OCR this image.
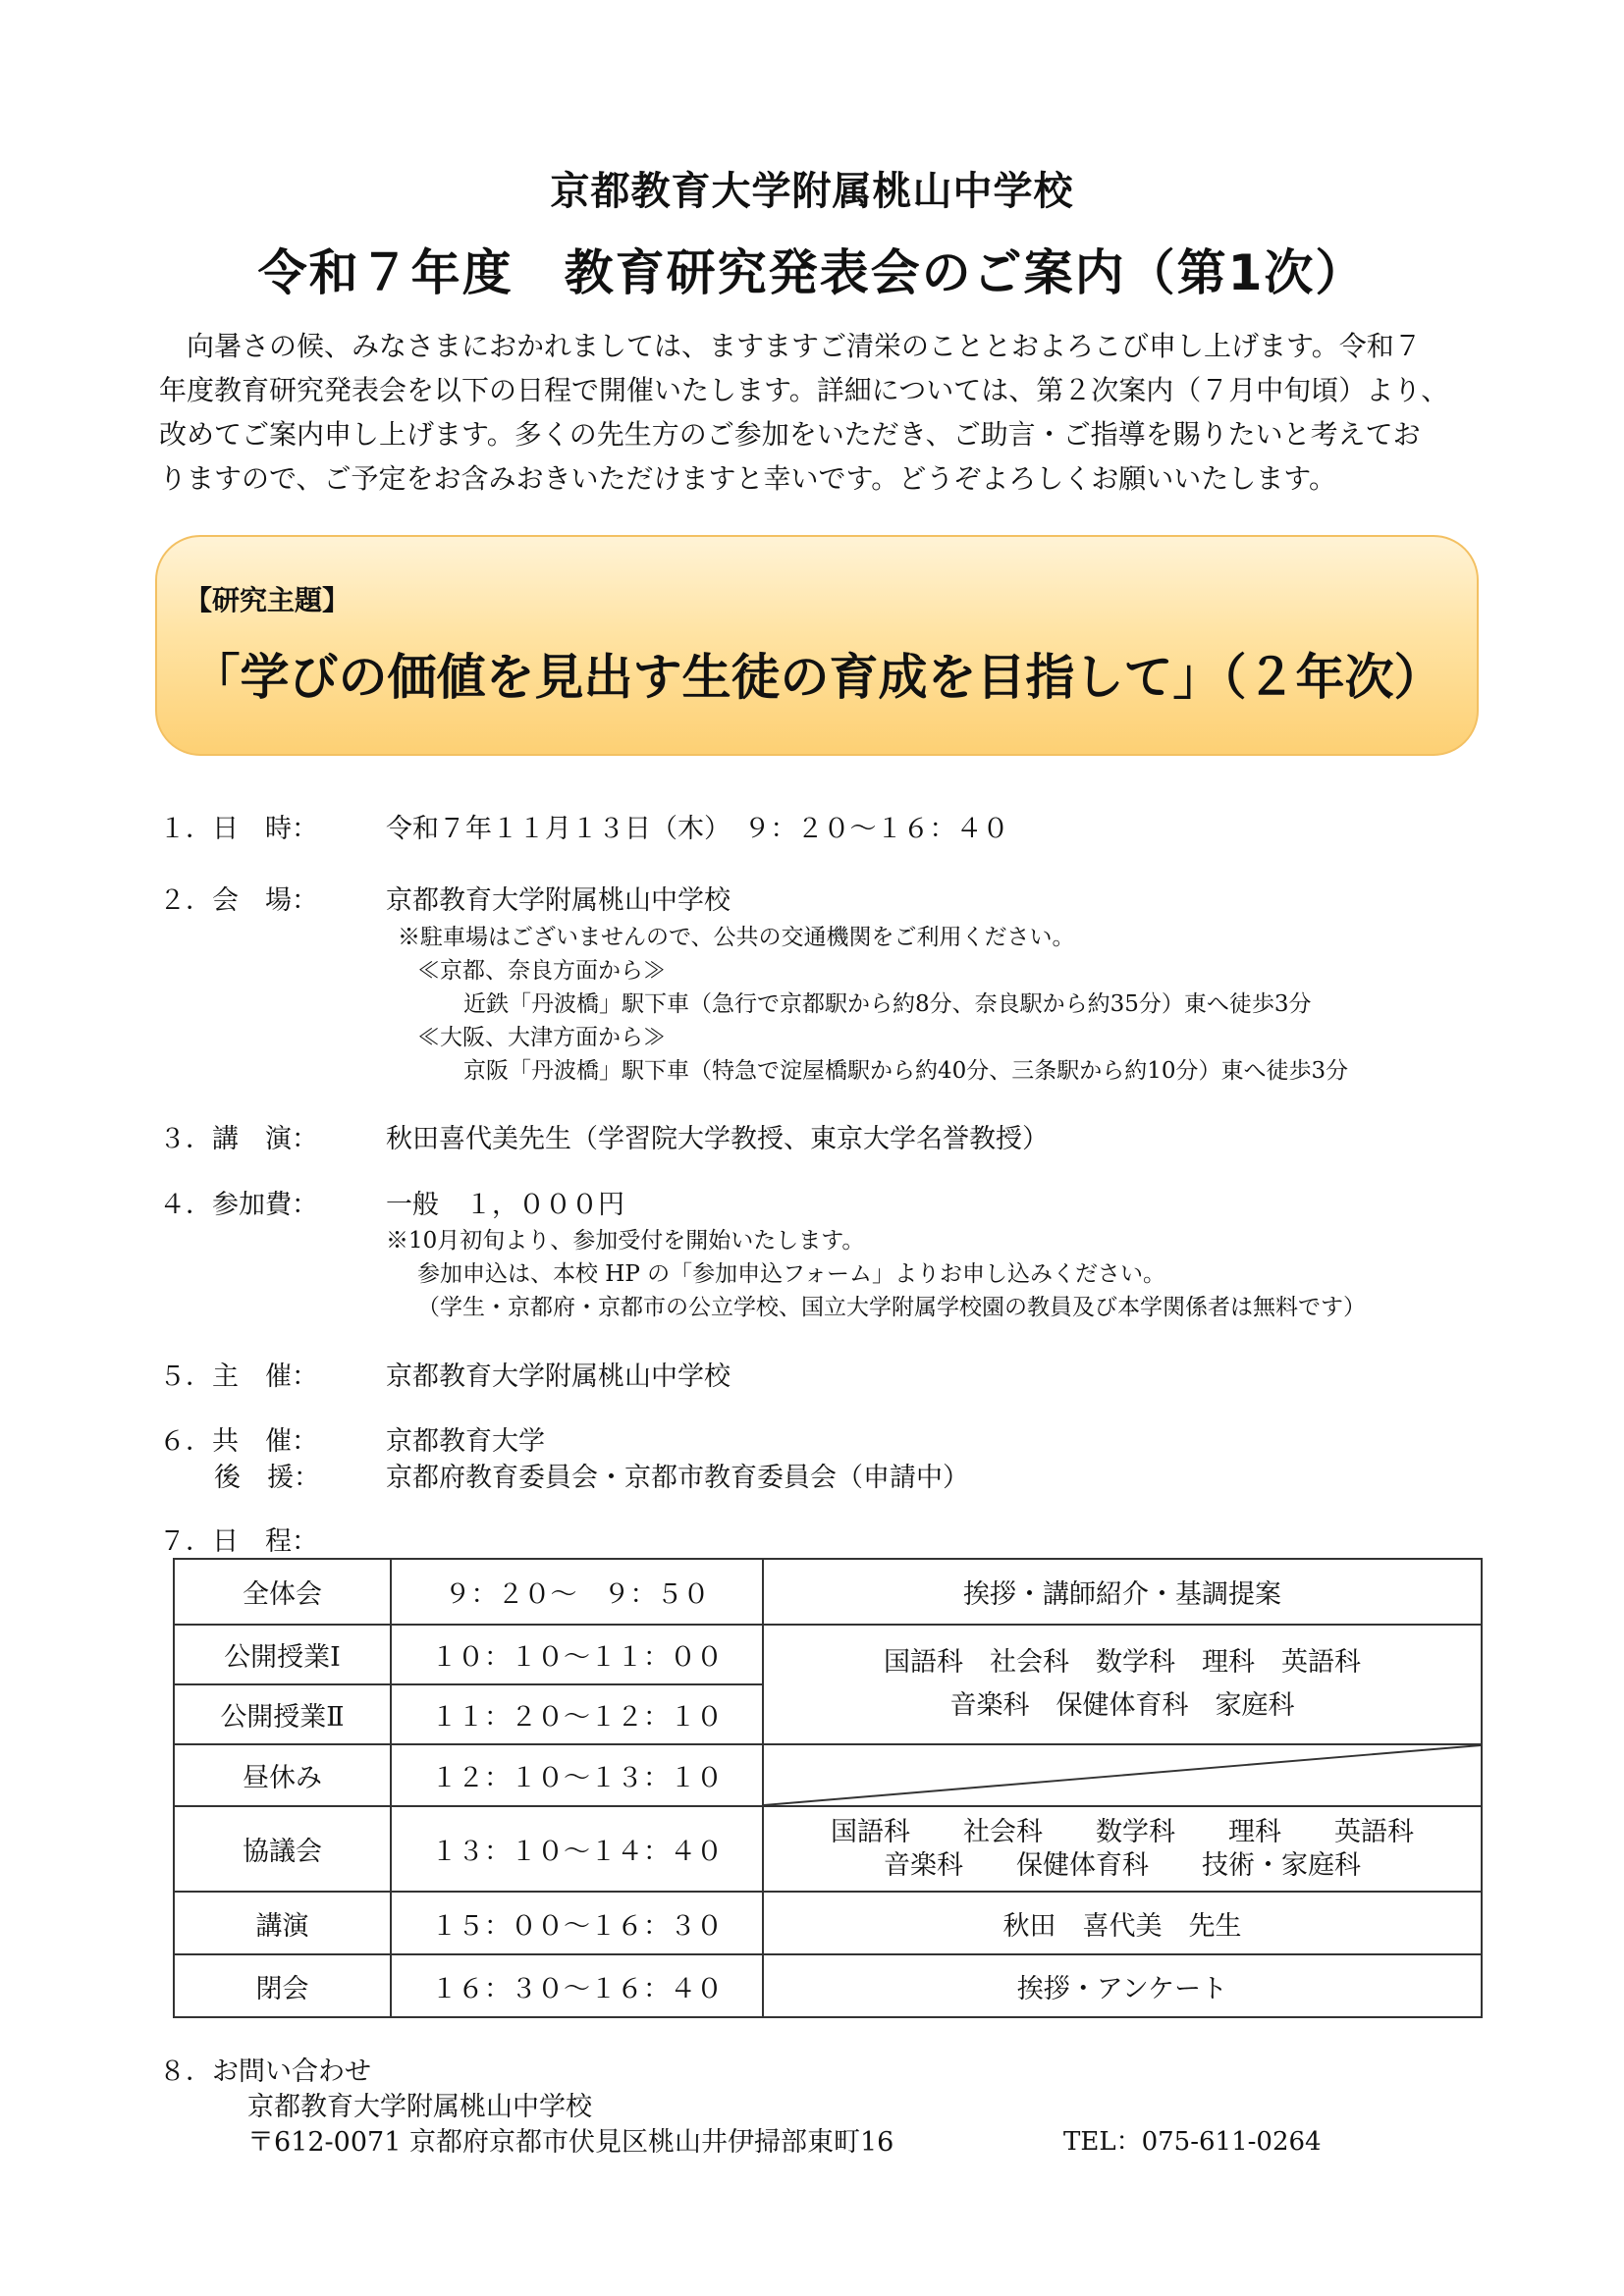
京都教育大学附属桃山中学校
令和７年度　教育研究発表会のご案内（第1次）
　向暑さの候、みなさまにおかれましては、ますますご清栄のこととおよろこび申し上げます。令和７
年度教育研究発表会を以下の日程で開催いたします。詳細については、第２次案内（７月中旬頃）より、
改めてご案内申し上げます。多くの先生方のご参加をいただき、ご助言・ご指導を賜りたいと考えてお
りますので、ご予定をお含みおきいただけますと幸いです。どうぞよろしくお願いいたします。
【研究主題】
「学びの価値を見出す生徒の育成を目指して」（２年次）
１．日　時：	令和７年１１月１３日（木）　９：２０～１６：４０
２．会　場：	京都教育大学附属桃山中学校
※駐車場はございませんので、公共の交通機関をご利用ください。
≪京都、奈良方面から≫
近鉄「丹波橋」駅下車（急行で京都駅から約8分、奈良駅から約35分）東へ徒歩3分
≪大阪、大津方面から≫
京阪「丹波橋」駅下車（特急で淀屋橋駅から約40分、三条駅から約10分）東へ徒歩3分
３．講　演：	秋田喜代美先生（学習院大学教授、東京大学名誉教授）
４．参加費：	一般　１，０００円
※10月初旬より、参加受付を開始いたします。
参加申込は、本校 HP の「参加申込フォーム」よりお申し込みください。
（学生・京都府・京都市の公立学校、国立大学附属学校園の教員及び本学関係者は無料です）
５．主　催：	京都教育大学附属桃山中学校
６．共　催：	京都教育大学
後　援： 京都府教育委員会・京都市教育委員会（申請中）
７．日　程：
全体会	９：２０～　９：５０	挨拶・講師紹介・基調提案
公開授業Ⅰ	１０：１０～１１：００	国語科　社会科　数学科　理科　英語科
音楽科　保健体育科　家庭科

公開授業Ⅱ	１１：２０～１２：１０	
昼休み	１２：１０～１３：１０	

協議会	１３：１０～１４：４０	国語科　　社会科　　数学科　　理科　　英語科
音楽科　　保健体育科　　技術・家庭科

講演	１５：００～１６：３０	秋田　喜代美　先生
閉会	１６：３０～１６：４０	挨拶・アンケート
８．お問い合わせ
京都教育大学附属桃山中学校
〒612-0071 京都府京都市伏見区桃山井伊掃部東町16	TEL：075-611-0264
